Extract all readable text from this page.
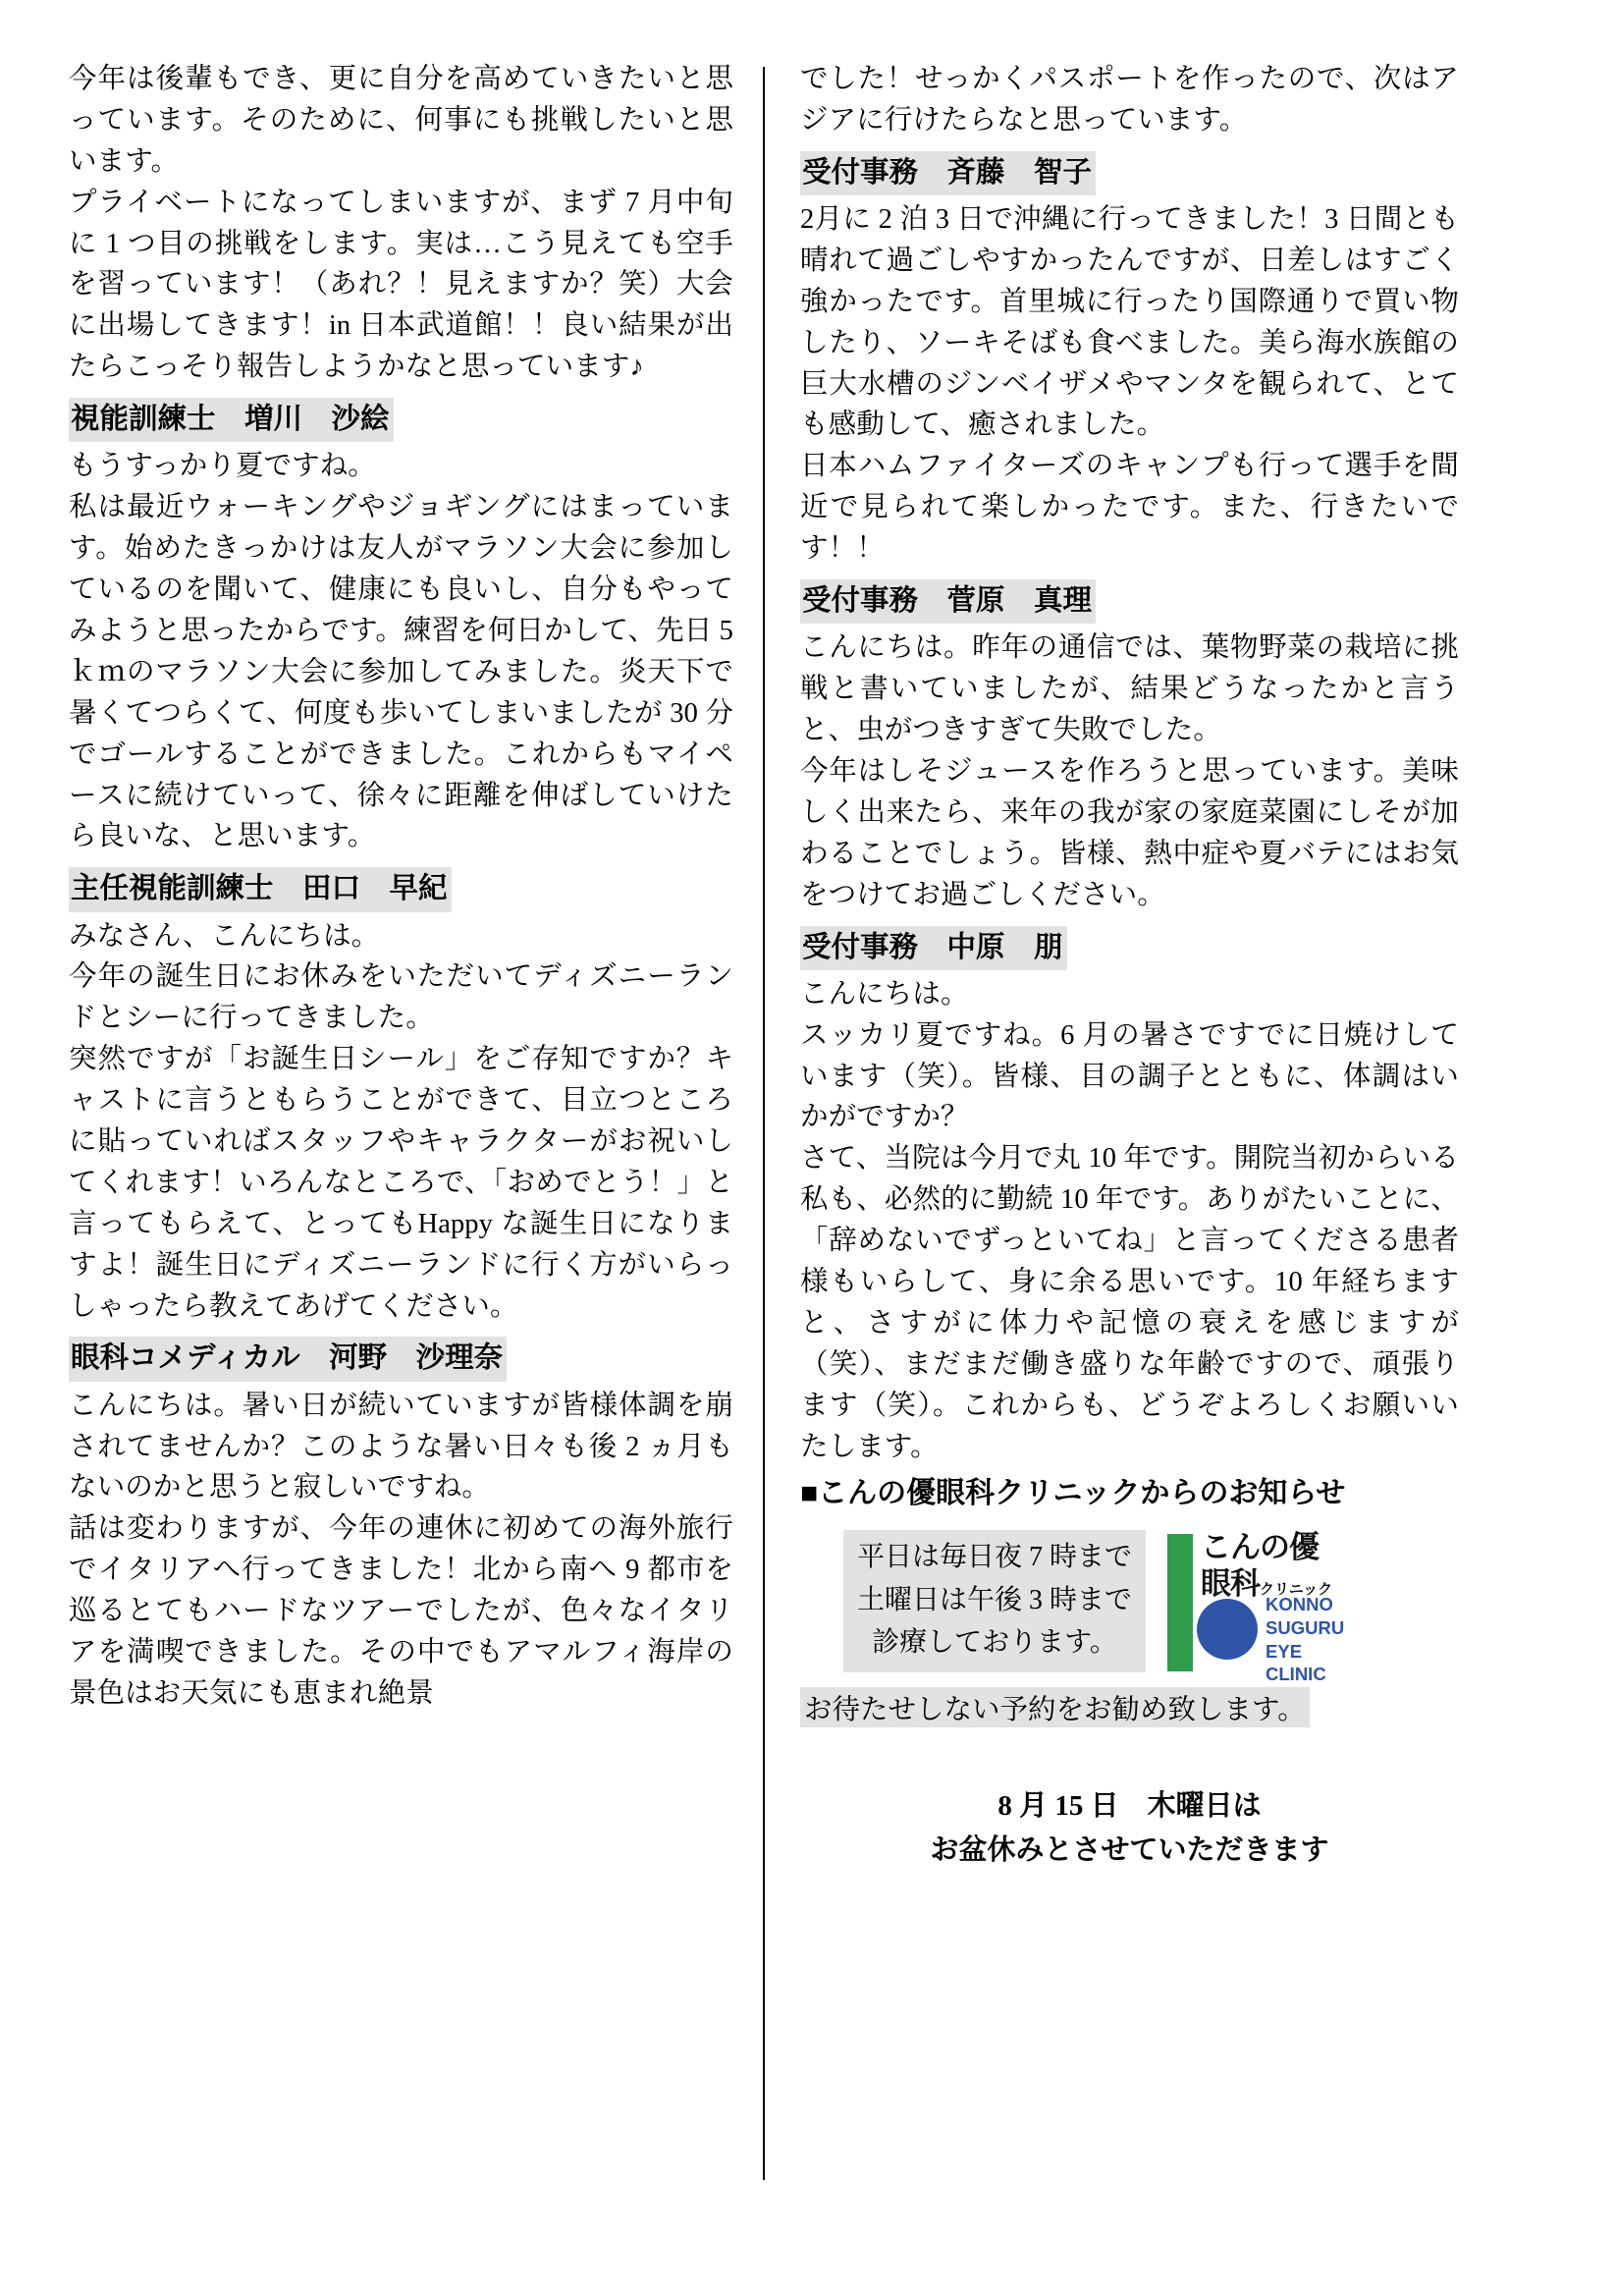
今年は後輩もでき、更に自分を高めていきたいと思っています。そのために、何事にも挑戦したいと思います。

プライベートになってしまいますが、まず 7 月中旬に 1 つ目の挑戦をします。実は…こう見えても空手を習っています！（あれ？！見えますか？笑）大会に出場してきます！in 日本武道館！！良い結果が出たらこっそり報告しようかなと思っています♪

視能訓練士　増川　沙絵

もうすっかり夏ですね。

私は最近ウォーキングやジョギングにはまっています。始めたきっかけは友人がマラソン大会に参加しているのを聞いて、健康にも良いし、自分もやってみようと思ったからです。練習を何日かして、先日 5 ｋｍのマラソン大会に参加してみました。炎天下で暑くてつらくて、何度も歩いてしまいましたが 30 分でゴールすることができました。これからもマイペースに続けていって、徐々に距離を伸ばしていけたら良いな、と思います。

主任視能訓練士　田口　早紀

みなさん、こんにちは。

今年の誕生日にお休みをいただいてディズニーランドとシーに行ってきました。

突然ですが「お誕生日シール」をご存知ですか？キャストに言うともらうことができて、目立つところに貼っていればスタッフやキャラクターがお祝いしてくれます！いろんなところで、「おめでとう！」と言ってもらえて、とってもHappy な誕生日になりますよ！誕生日にディズニーランドに行く方がいらっしゃったら教えてあげてください。

眼科コメディカル　河野　沙理奈

こんにちは。暑い日が続いていますが皆様体調を崩されてませんか？このような暑い日々も後 2 ヵ月もないのかと思うと寂しいですね。

話は変わりますが、今年の連休に初めての海外旅行でイタリアへ行ってきました！北から南へ 9 都市を巡るとてもハードなツアーでしたが、色々なイタリアを満喫できました。その中でもアマルフィ海岸の景色はお天気にも恵まれ絶景

でした！せっかくパスポートを作ったので、次はアジアに行けたらなと思っています。

受付事務　斉藤　智子

2月に 2 泊 3 日で沖縄に行ってきました！3 日間とも晴れて過ごしやすかったんですが、日差しはすごく強かったです。首里城に行ったり国際通りで買い物したり、ソーキそばも食べました。美ら海水族館の巨大水槽のジンベイザメやマンタを観られて、とても感動して、癒されました。

日本ハムファイターズのキャンプも行って選手を間近で見られて楽しかったです。また、行きたいです！！

受付事務　菅原　真理

こんにちは。昨年の通信では、葉物野菜の栽培に挑戦と書いていましたが、結果どうなったかと言うと、虫がつきすぎて失敗でした。

今年はしそジュースを作ろうと思っています。美味しく出来たら、来年の我が家の家庭菜園にしそが加わることでしょう。皆様、熱中症や夏バテにはお気をつけてお過ごしください。

受付事務　中原　朋

こんにちは。

スッカリ夏ですね。6 月の暑さですでに日焼けしています（笑）。皆様、目の調子とともに、体調はいかがですか？

さて、当院は今月で丸 10 年です。開院当初からいる私も、必然的に勤続 10 年です。ありがたいことに、「辞めないでずっといてね」と言ってくださる患者様もいらして、身に余る思いです。10 年経ちますと、さすがに体力や記憶の衰えを感じますが（笑）、まだまだ働き盛りな年齢ですので、頑張ります（笑）。これからも、どうぞよろしくお願いいたします。

■こんの優眼科クリニックからのお知らせ

平日は毎日夜 7 時まで
土曜日は午後 3 時まで
診療しております。
こんの優
眼科クリニック
KONNO
SUGURU
EYE
CLINIC

お待たせしない予約をお勧め致します。

8 月 15 日　木曜日は
お盆休みとさせていただきます
